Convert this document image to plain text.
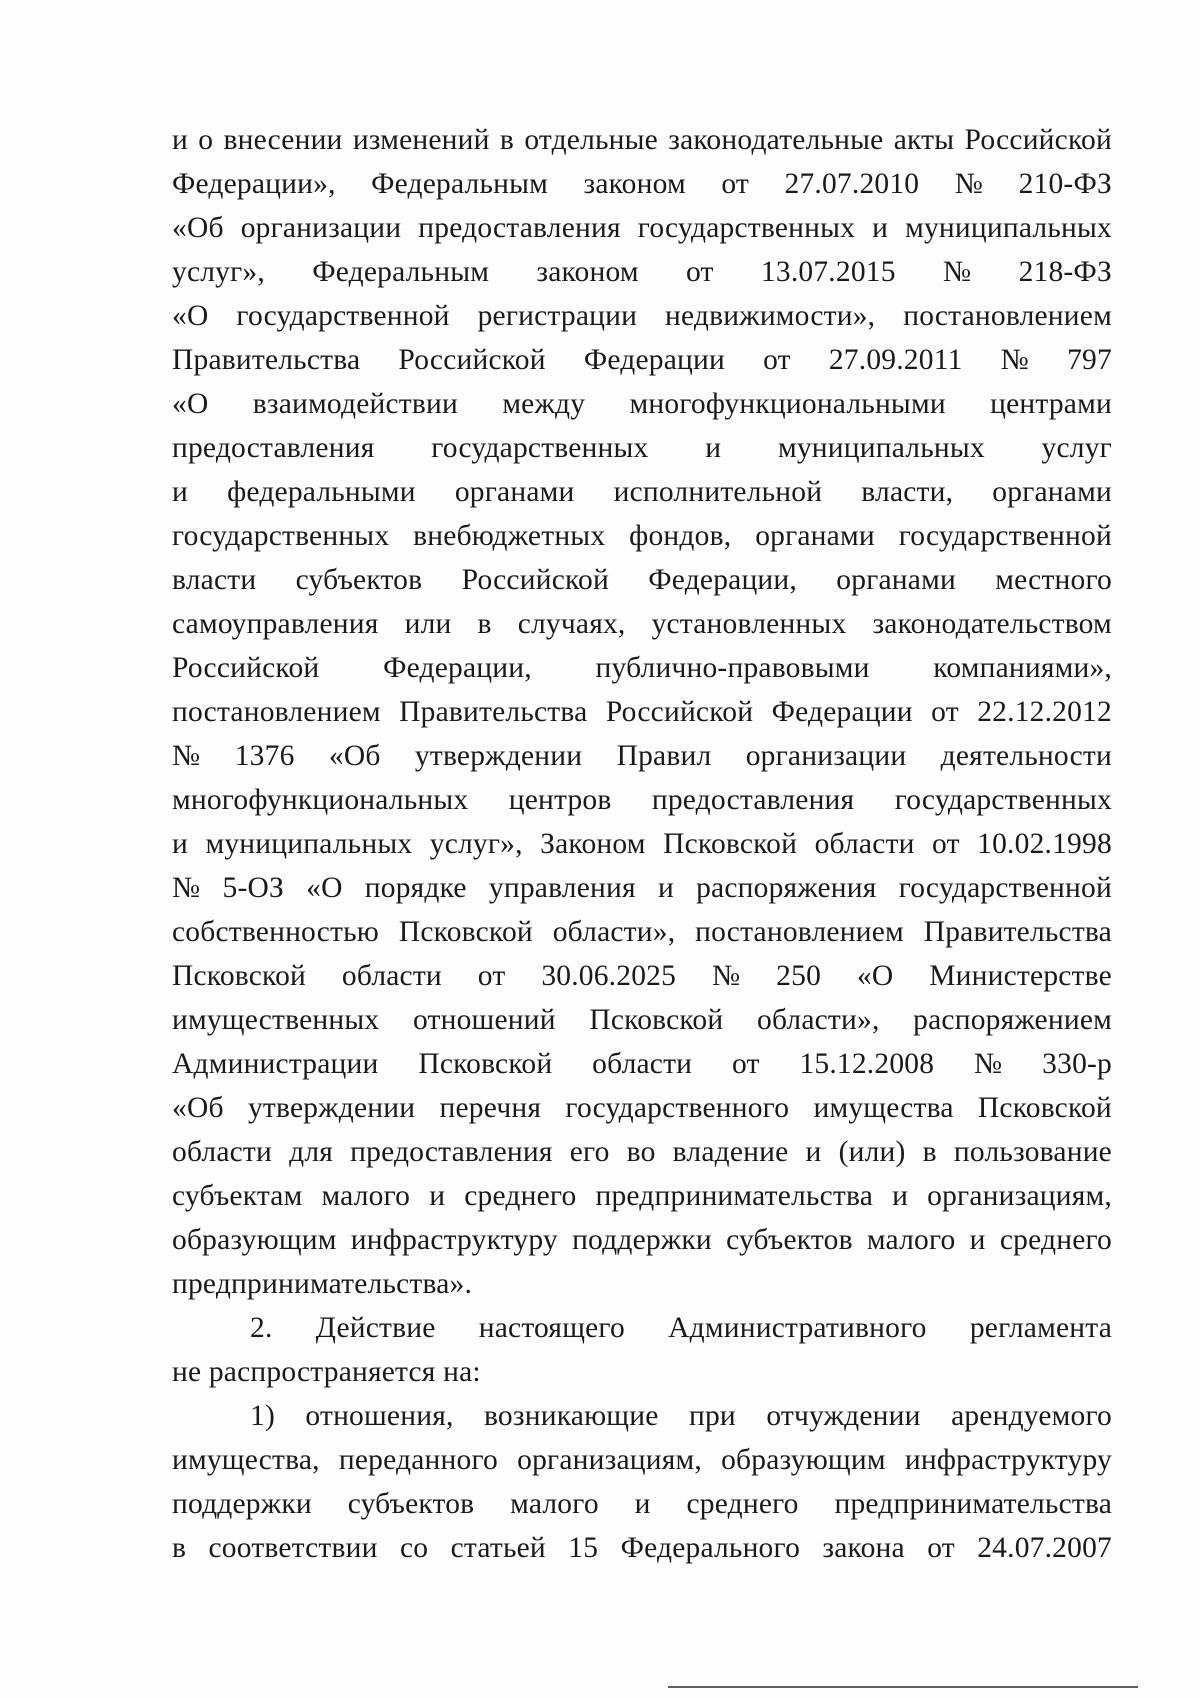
и о внесении изменений в отдельные законодательные акты Российской
Федерации», Федеральным законом от 27.07.2010 № 210-ФЗ
«Об организации предоставления государственных и муниципальных
услуг», Федеральным законом от 13.07.2015 № 218-ФЗ
«О государственной регистрации недвижимости», постановлением
Правительства Российской Федерации от 27.09.2011 № 797
«О взаимодействии между многофункциональными центрами
предоставления государственных и муниципальных услуг
и федеральными органами исполнительной власти, органами
государственных внебюджетных фондов, органами государственной
власти субъектов Российской Федерации, органами местного
самоуправления или в случаях, установленных законодательством
Российской Федерации, публично-правовыми компаниями»,
постановлением Правительства Российской Федерации от 22.12.2012
№ 1376 «Об утверждении Правил организации деятельности
многофункциональных центров предоставления государственных
и муниципальных услуг», Законом Псковской области от 10.02.1998
№ 5-ОЗ «О порядке управления и распоряжения государственной
собственностью Псковской области», постановлением Правительства
Псковской области от 30.06.2025 № 250 «О Министерстве
имущественных отношений Псковской области», распоряжением
Администрации Псковской области от 15.12.2008 № 330-р
«Об утверждении перечня государственного имущества Псковской
области для предоставления его во владение и (или) в пользование
субъектам малого и среднего предпринимательства и организациям,
образующим инфраструктуру поддержки субъектов малого и среднего
предпринимательства».
2. Действие настоящего Административного регламента
не распространяется на:
1) отношения, возникающие при отчуждении арендуемого
имущества, переданного организациям, образующим инфраструктуру
поддержки субъектов малого и среднего предпринимательства
в соответствии со статьей 15 Федерального закона от 24.07.2007
